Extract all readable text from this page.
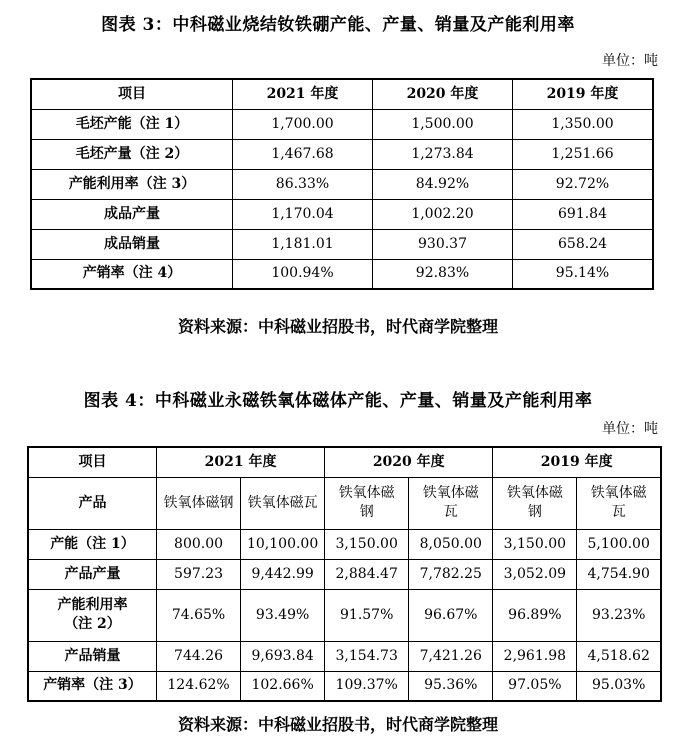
图表 3：中科磁业烧结钕铁硼产能、产量、销量及产能利用率
单位：吨
项目	2021 年度	2020 年度	2019 年度
毛坯产能（注 1）	1,700.00	1,500.00	1,350.00
毛坯产量（注 2）	1,467.68	1,273.84	1,251.66
产能利用率（注 3）	86.33%	84.92%	92.72%
成品产量	1,170.04	1,002.20	691.84
成品销量	1,181.01	930.37	658.24
产销率（注 4）	100.94%	92.83%	95.14%
资料来源：中科磁业招股书，时代商学院整理
图表 4：中科磁业永磁铁氧体磁体产能、产量、销量及产能利用率
单位：吨
项目	2021 年度		2020 年度		2019 年度	
产品	铁氧体磁钢	铁氧体磁瓦	铁氧体磁钢	铁氧体磁瓦	铁氧体磁钢	铁氧体磁瓦
产能（注 1）	800.00	10,100.00	3,150.00	8,050.00	3,150.00	5,100.00
产品产量	597.23	9,442.99	2,884.47	7,782.25	3,052.09	4,754.90
产能利用率（注 2）	74.65%	93.49%	91.57%	96.67%	96.89%	93.23%
产品销量	744.26	9,693.84	3,154.73	7,421.26	2,961.98	4,518.62
产销率（注 3）	124.62%	102.66%	109.37%	95.36%	97.05%	95.03%
资料来源：中科磁业招股书，时代商学院整理
